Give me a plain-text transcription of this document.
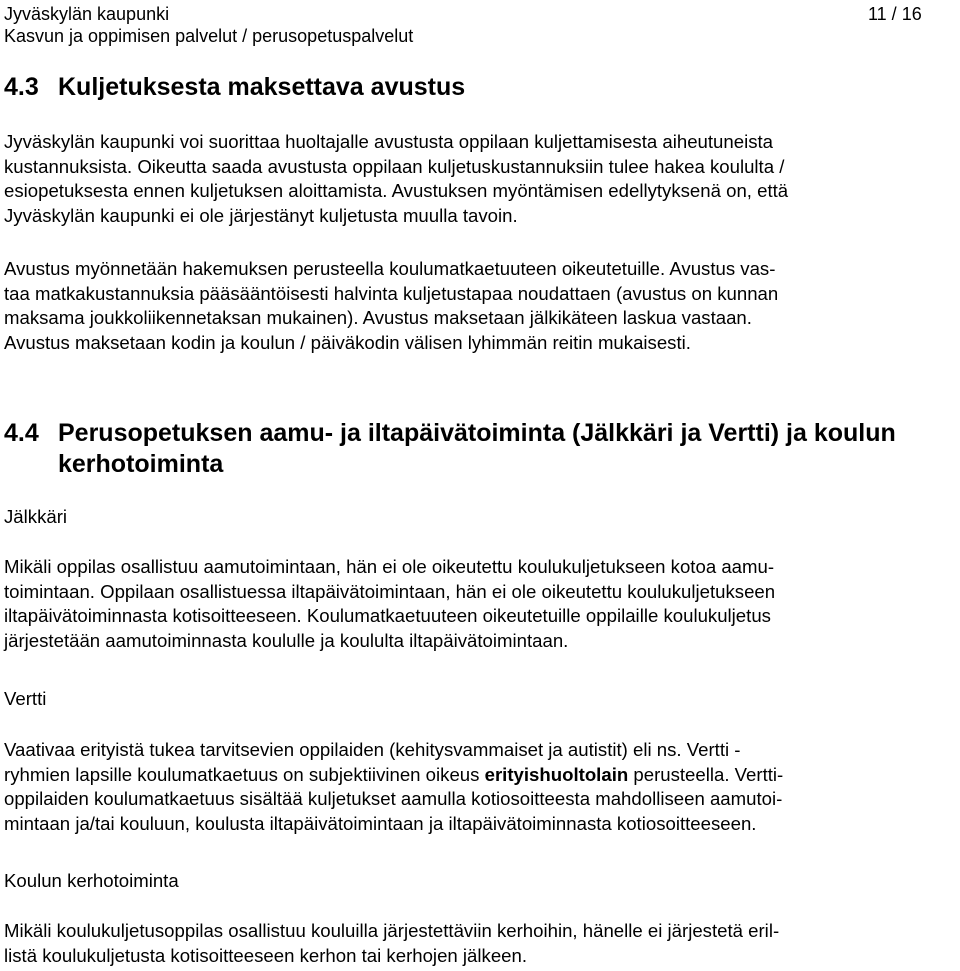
Jyväskylän kaupunki
Kasvun ja oppimisen palvelut / perusopetuspalvelut
11 / 16
4.3 Kuljetuksesta maksettava avustus
Jyväskylän kaupunki voi suorittaa huoltajalle avustusta oppilaan kuljettamisesta aiheutuneista
kustannuksista. Oikeutta saada avustusta oppilaan kuljetuskustannuksiin tulee hakea koululta /
esiopetuksesta ennen kuljetuksen aloittamista. Avustuksen myöntämisen edellytyksenä on, että
Jyväskylän kaupunki ei ole järjestänyt kuljetusta muulla tavoin.
Avustus myönnetään hakemuksen perusteella koulumatkaetuuteen oikeutetuille. Avustus vas-
taa matkakustannuksia pääsääntöisesti halvinta kuljetustapaa noudattaen (avustus on kunnan
maksama joukkoliikennetaksan mukainen). Avustus maksetaan jälkikäteen laskua vastaan.
Avustus maksetaan kodin ja koulun / päiväkodin välisen lyhimmän reitin mukaisesti.
4.4 Perusopetuksen aamu- ja iltapäivätoiminta (Jälkkäri ja Vertti) ja koulun
kerhotoiminta
Jälkkäri
Mikäli oppilas osallistuu aamutoimintaan, hän ei ole oikeutettu koulukuljetukseen kotoa aamu-
toimintaan. Oppilaan osallistuessa iltapäivätoimintaan, hän ei ole oikeutettu koulukuljetukseen
iltapäivätoiminnasta kotisoitteeseen. Koulumatkaetuuteen oikeutetuille oppilaille koulukuljetus
järjestetään aamutoiminnasta koululle ja koululta iltapäivätoimintaan.
Vertti
Vaativaa erityistä tukea tarvitsevien oppilaiden (kehitysvammaiset ja autistit) eli ns. Vertti -
ryhmien lapsille koulumatkaetuus on subjektiivinen oikeus erityishuoltolain perusteella. Vertti-
oppilaiden koulumatkaetuus sisältää kuljetukset aamulla kotiosoitteesta mahdolliseen aamutoi-
mintaan ja/tai kouluun, koulusta iltapäivätoimintaan ja iltapäivätoiminnasta kotiosoitteeseen.
Koulun kerhotoiminta
Mikäli koulukuljetusoppilas osallistuu kouluilla järjestettäviin kerhoihin, hänelle ei järjestetä eril-
listä koulukuljetusta kotisoitteeseen kerhon tai kerhojen jälkeen.
